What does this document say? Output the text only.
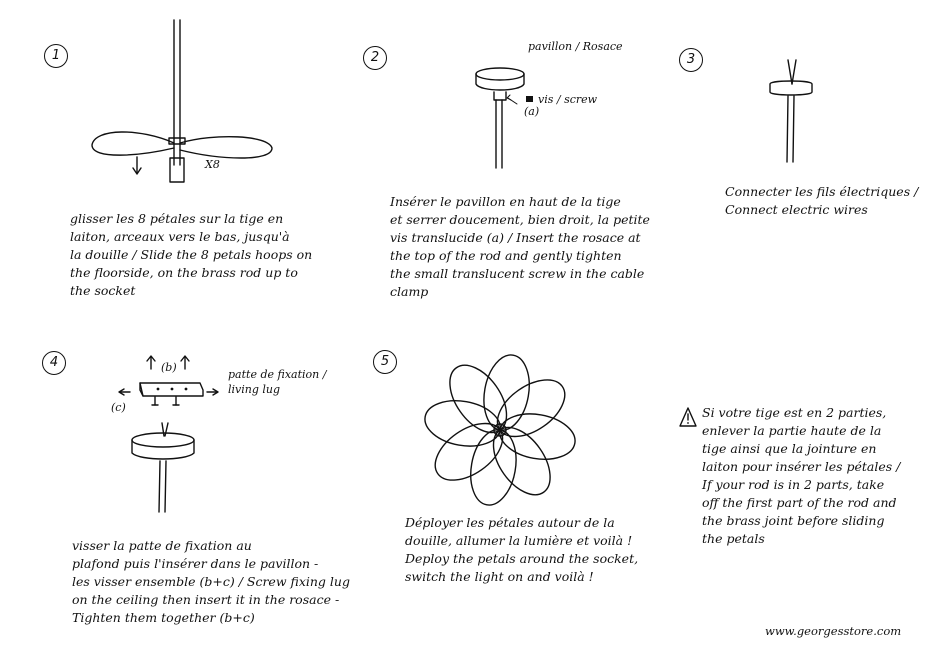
1	2	3
4	5
X8
pavillon / Rosace
vis / screw
(a)
(b)
(c)
patte de fixation /
living lug
glisser les 8 pétales sur la tige en
laiton, arceaux vers le bas, jusqu'à
la douille / Slide the 8 petals hoops on
the floorside, on the brass rod up to
the socket
Insérer le pavillon en haut de la tige
et serrer doucement, bien droit, la petite
vis translucide (a) / Insert the rosace at
the top of the rod and gently tighten
the small translucent screw in the cable
clamp
Connecter les fils électriques /
Connect electric wires
visser la patte de fixation au
plafond puis l'insérer dans le pavillon -
les visser ensemble (b+c) / Screw fixing lug
on the ceiling then insert it in the rosace -
Tighten them together (b+c)
Déployer les pétales autour de la
douille, allumer la lumière et voilà !
Deploy the petals around the socket,
switch the light on and voilà !
Si votre tige est en 2 parties,
enlever la partie haute de la
tige ainsi que la jointure en
laiton pour insérer les pétales /
If your rod is in 2 parts, take
off the first part of the rod and
the brass joint before sliding
the petals
www.georgesstore.com
